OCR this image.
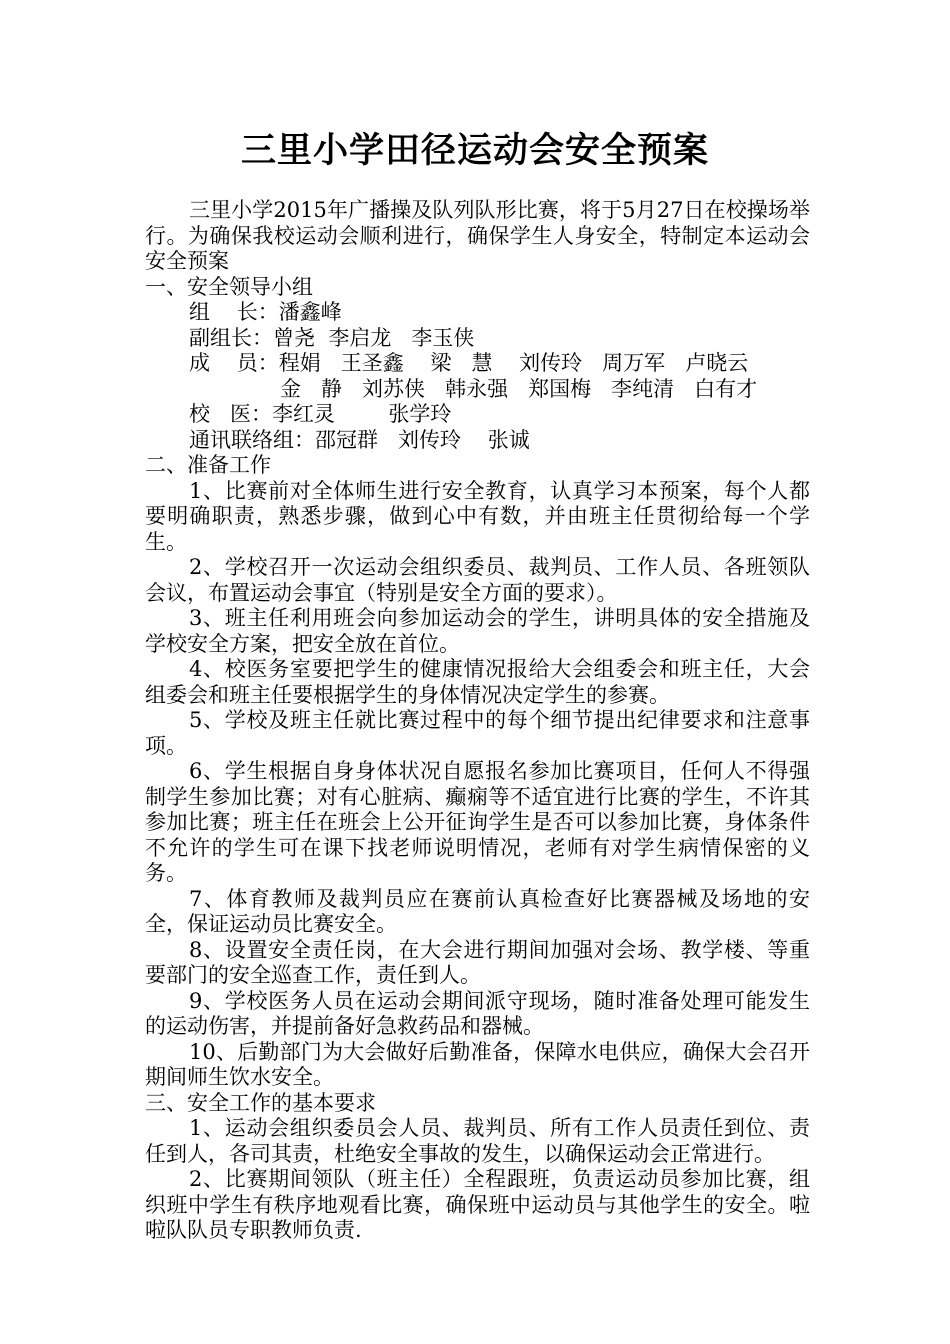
三里小学田径运动会安全预案

三里小学2015年广播操及队列队形比赛，将于5月27日在校操场举行。为确保我校运动会顺利进行，确保学生人身安全，特制定本运动会安全预案

一、安全领导小组

组    长：潘鑫峰

副组长：曾尧  李启龙   李玉侠

成    员：程娟   王圣鑫    梁   慧    刘传玲   周万军   卢晓云

金   静   刘苏侠   韩永强   郑国梅   李纯清   白有才

校   医：李红灵        张学玲

通讯联络组：邵冠群   刘传玲    张诚

二、准备工作

1、比赛前对全体师生进行安全教育，认真学习本预案，每个人都要明确职责，熟悉步骤，做到心中有数，并由班主任贯彻给每一个学生。

2、学校召开一次运动会组织委员、裁判员、工作人员、各班领队会议，布置运动会事宜（特别是安全方面的要求）。

3、班主任利用班会向参加运动会的学生，讲明具体的安全措施及学校安全方案，把安全放在首位。

4、校医务室要把学生的健康情况报给大会组委会和班主任，大会组委会和班主任要根据学生的身体情况决定学生的参赛。

5、学校及班主任就比赛过程中的每个细节提出纪律要求和注意事项。

6、学生根据自身身体状况自愿报名参加比赛项目，任何人不得强制学生参加比赛；对有心脏病、癫痫等不适宜进行比赛的学生，不许其参加比赛；班主任在班会上公开征询学生是否可以参加比赛，身体条件不允许的学生可在课下找老师说明情况，老师有对学生病情保密的义务。

7、体育教师及裁判员应在赛前认真检查好比赛器械及场地的安全，保证运动员比赛安全。

8、设置安全责任岗，在大会进行期间加强对会场、教学楼、等重要部门的安全巡查工作，责任到人。

9、学校医务人员在运动会期间派守现场，随时准备处理可能发生的运动伤害，并提前备好急救药品和器械。

10、后勤部门为大会做好后勤准备，保障水电供应，确保大会召开期间师生饮水安全。

三、安全工作的基本要求

1、运动会组织委员会人员、裁判员、所有工作人员责任到位、责任到人，各司其责，杜绝安全事故的发生，以确保运动会正常进行。

2、比赛期间领队（班主任）全程跟班，负责运动员参加比赛，组织班中学生有秩序地观看比赛，确保班中运动员与其他学生的安全。啦啦队队员专职教师负责.
